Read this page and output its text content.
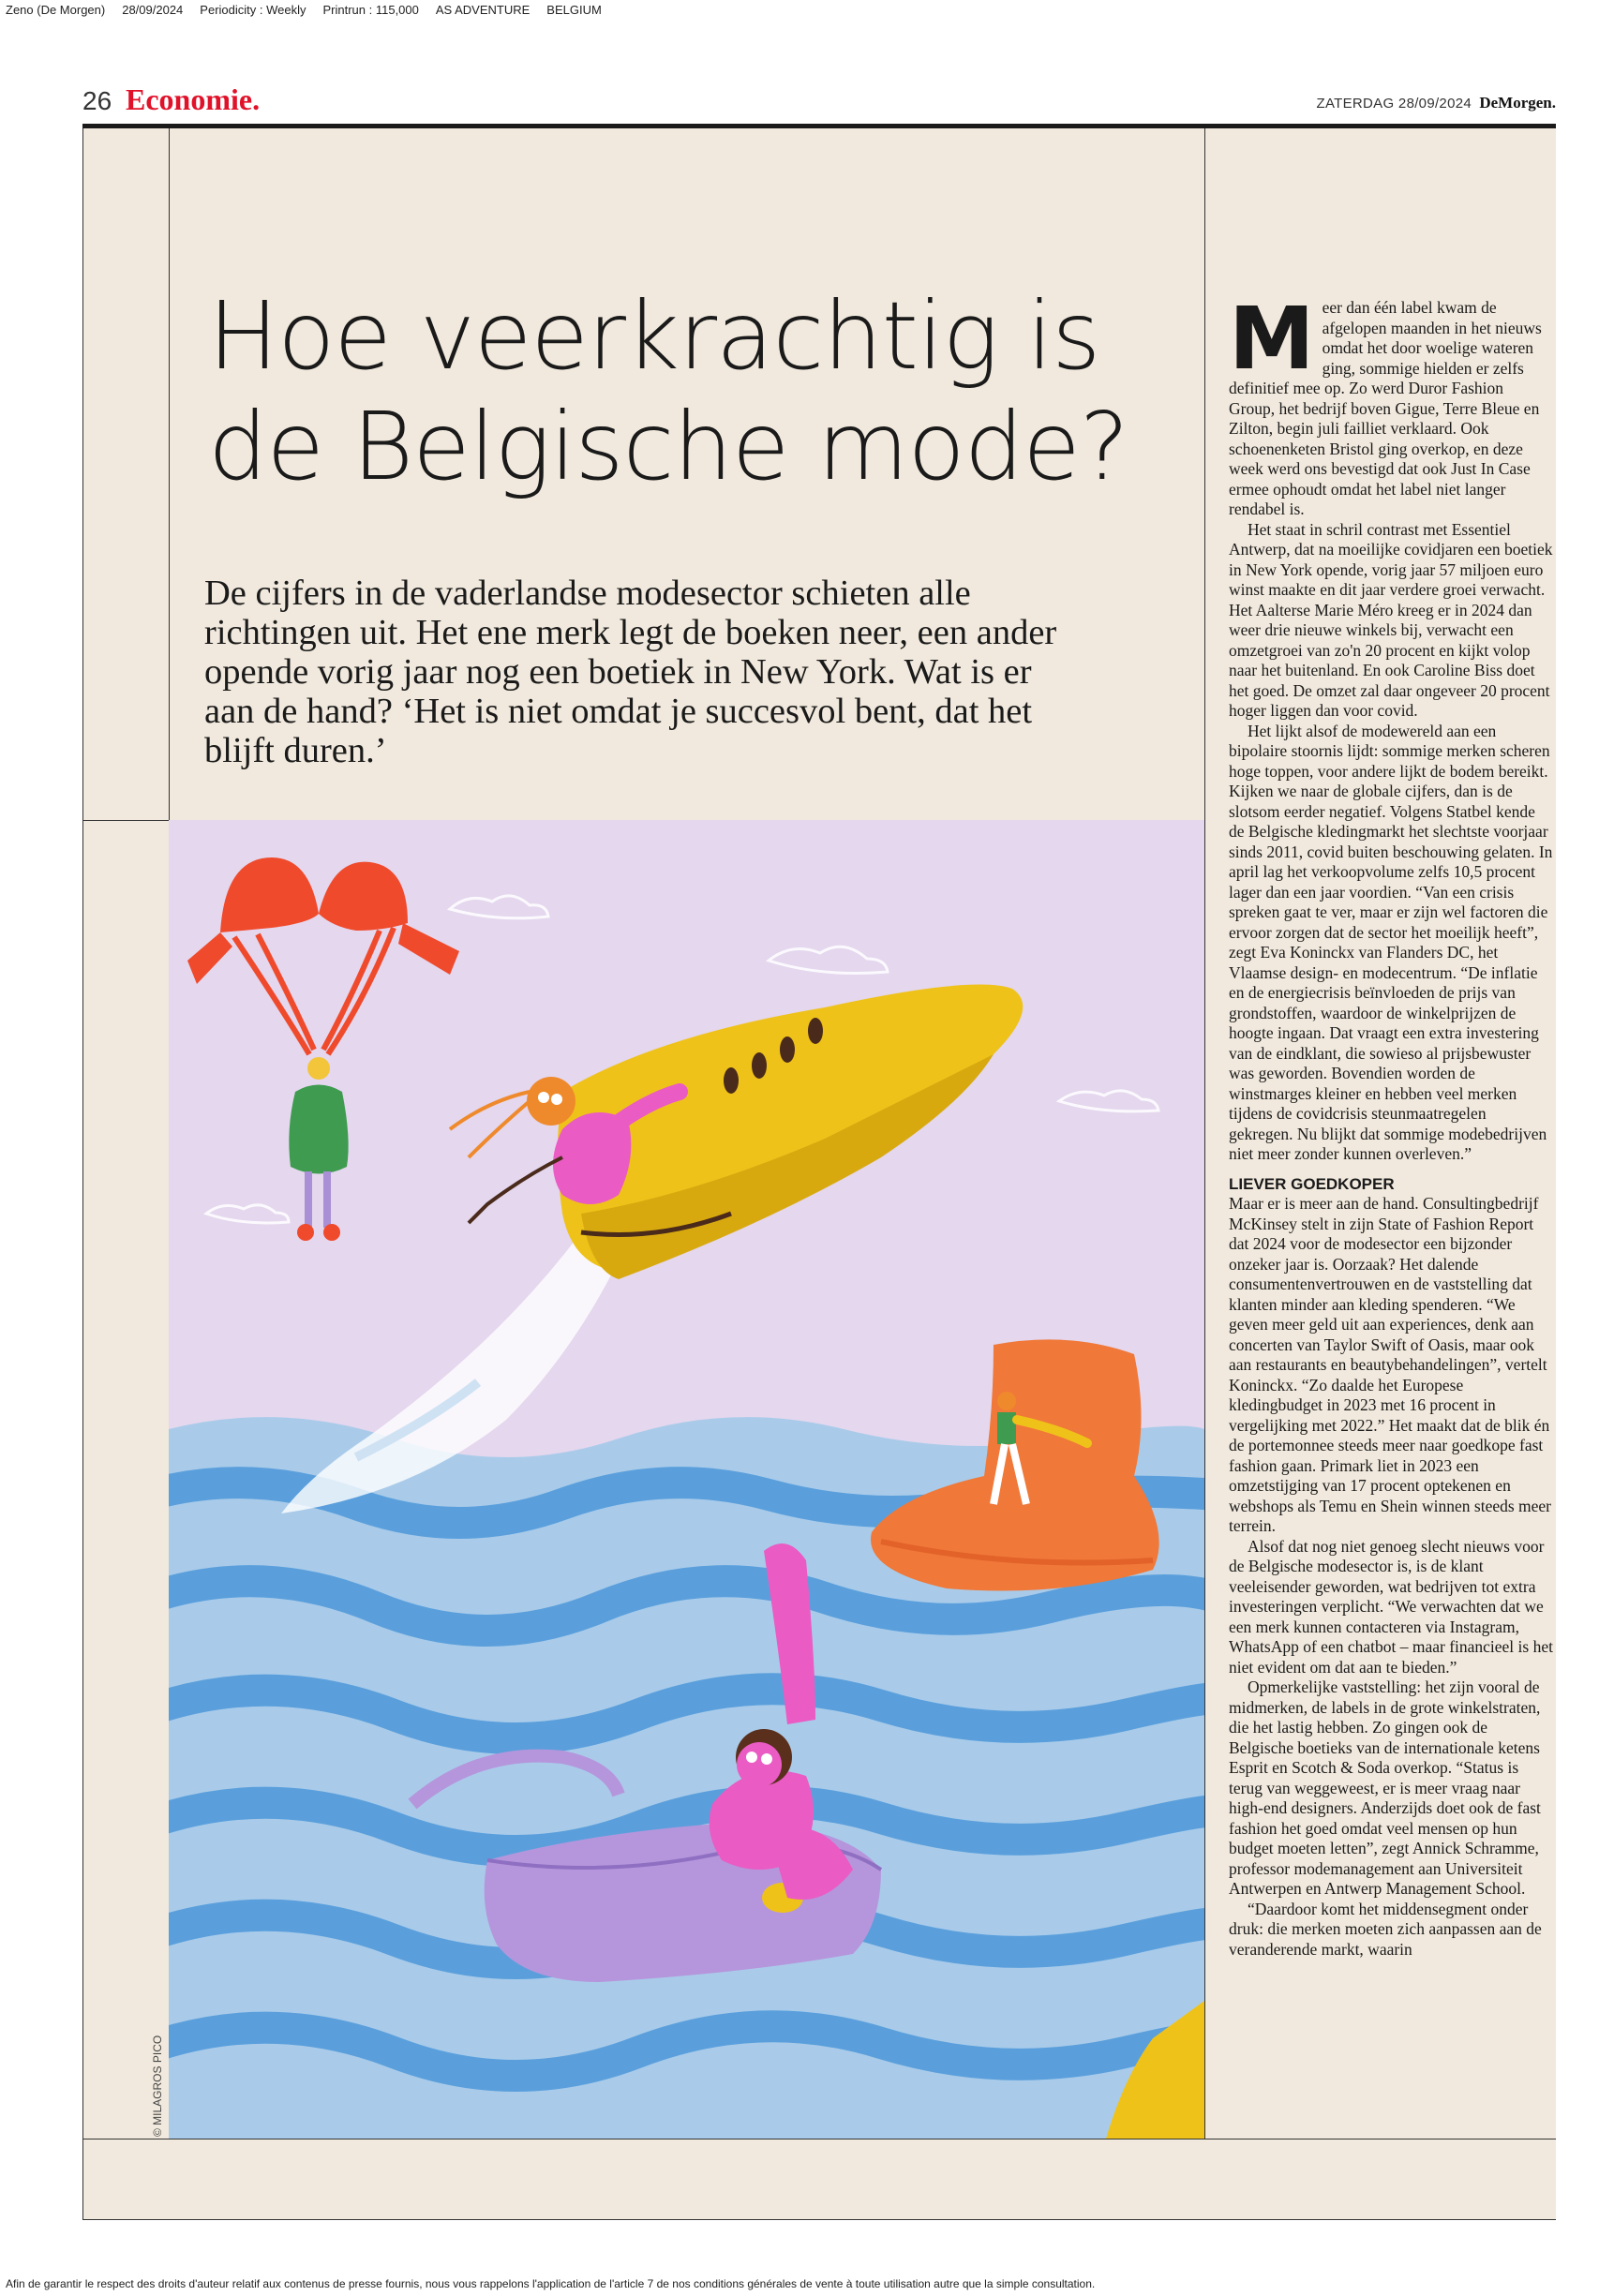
Zeno (De Morgen) 28/09/2024 Periodicity : Weekly Printrun : 115,000 AS ADVENTURE BELGIUM
26 Economie.	ZATERDAG 28/09/2024 DeMorgen.
Hoe veerkrachtig is
de Belgische mode?

De cijfers in de vaderlandse modesector schieten alle richtingen uit. Het ene merk legt de boeken neer, een ander opende vorig jaar nog een boetiek in New York. Wat is er aan de hand? ‘Het is niet omdat je succesvol bent, dat het blijft duren.’

© MILAGROS PICO

Meer dan één label kwam de afgelopen maanden in het nieuws omdat het door woelige wateren ging, sommige hielden er zelfs definitief mee op. Zo werd Duror Fashion Group, het bedrijf boven Gigue, Terre Bleue en Zilton, begin juli failliet verklaard. Ook schoenenketen Bristol ging overkop, en deze week werd ons bevestigd dat ook Just In Case ermee ophoudt omdat het label niet langer rendabel is.

Het staat in schril contrast met Essentiel Antwerp, dat na moeilijke covidjaren een boetiek in New York opende, vorig jaar 57 miljoen euro winst maakte en dit jaar verdere groei verwacht. Het Aalterse Marie Méro kreeg er in 2024 dan weer drie nieuwe winkels bij, verwacht een omzetgroei van zo'n 20 procent en kijkt volop naar het buitenland. En ook Caroline Biss doet het goed. De omzet zal daar ongeveer 20 procent hoger liggen dan voor covid.

Het lijkt alsof de modewereld aan een bipolaire stoornis lijdt: sommige merken scheren hoge toppen, voor andere lijkt de bodem bereikt. Kijken we naar de globale cijfers, dan is de slotsom eerder negatief. Volgens Statbel kende de Belgische kledingmarkt het slechtste voorjaar sinds 2011, covid buiten beschouwing gelaten. In april lag het verkoopvolume zelfs 10,5 procent lager dan een jaar voordien. “Van een crisis spreken gaat te ver, maar er zijn wel factoren die ervoor zorgen dat de sector het moeilijk heeft”, zegt Eva Koninckx van Flanders DC, het Vlaamse design- en modecentrum. “De inflatie en de energiecrisis beïnvloeden de prijs van grondstoffen, waardoor de winkelprijzen de hoogte ingaan. Dat vraagt een extra investering van de eindklant, die sowieso al prijsbewuster was geworden. Bovendien worden de winstmarges kleiner en hebben veel merken tijdens de covidcrisis steunmaatregelen gekregen. Nu blijkt dat sommige modebedrijven niet meer zonder kunnen overleven.”

LIEVER GOEDKOPER

Maar er is meer aan de hand. Consultingbedrijf McKinsey stelt in zijn State of Fashion Report dat 2024 voor de modesector een bijzonder onzeker jaar is. Oorzaak? Het dalende consumentenvertrouwen en de vaststelling dat klanten minder aan kleding spenderen. “We geven meer geld uit aan experiences, denk aan concerten van Taylor Swift of Oasis, maar ook aan restaurants en beautybehandelingen”, vertelt Koninckx. “Zo daalde het Europese kledingbudget in 2023 met 16 procent in vergelijking met 2022.” Het maakt dat de blik én de portemonnee steeds meer naar goedkope fast fashion gaan. Primark liet in 2023 een omzetstijging van 17 procent optekenen en webshops als Temu en Shein winnen steeds meer terrein.

Alsof dat nog niet genoeg slecht nieuws voor de Belgische modesector is, is de klant veeleisender geworden, wat bedrijven tot extra investeringen verplicht. “We verwachten dat we een merk kunnen contacteren via Instagram, WhatsApp of een chatbot – maar financieel is het niet evident om dat aan te bieden.”

Opmerkelijke vaststelling: het zijn vooral de midmerken, de labels in de grote winkelstraten, die het lastig hebben. Zo gingen ook de Belgische boetieks van de internationale ketens Esprit en Scotch & Soda overkop. “Status is terug van weggeweest, er is meer vraag naar high-end designers. Anderzijds doet ook de fast fashion het goed omdat veel mensen op hun budget moeten letten”, zegt Annick Schramme, professor modemanagement aan Universiteit Antwerpen en Antwerp Management School.

“Daardoor komt het middensegment onder druk: die merken moeten zich aanpassen aan de veranderende markt, waarin

Afin de garantir le respect des droits d'auteur relatif aux contenus de presse fournis, nous vous rappelons l'application de l'article 7 de nos conditions générales de vente à toute utilisation autre que la simple consultation.
